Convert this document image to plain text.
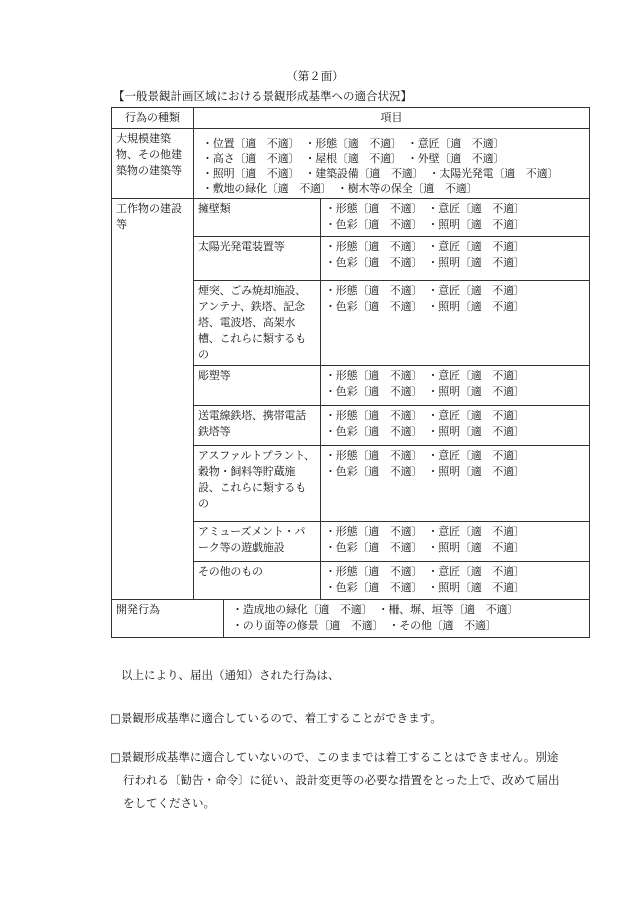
（第２面）
【一般景観計画区域における景観形成基準への適合状況】
行為の種類	項目		
大規模建築物、その他建築物の建築等	・位置〔適　不適〕　・形態〔適　不適〕　・意匠〔適　不適〕
・高さ〔適　不適〕　・屋根〔適　不適〕　・外壁〔適　不適〕
・照明〔適　不適〕　・建築設備〔適　不適〕　・太陽光発電〔適　不適〕
・敷地の緑化〔適　不適〕　・樹木等の保全〔適　不適〕		

工作物の建設等	擁壁類		・形態〔適　不適〕　・意匠〔適　不適〕
・色彩〔適　不適〕　・照明〔適　不適〕

	太陽光発電装置等		・形態〔適　不適〕　・意匠〔適　不適〕
・色彩〔適　不適〕　・照明〔適　不適〕

	煙突、ごみ焼却施設、アンテナ、鉄塔、記念塔、電波塔、高架水槽、これらに類するもの		・形態〔適　不適〕　・意匠〔適　不適〕
・色彩〔適　不適〕　・照明〔適　不適〕

	彫塑等		・形態〔適　不適〕　・意匠〔適　不適〕
・色彩〔適　不適〕　・照明〔適　不適〕

	送電線鉄塔、携帯電話鉄塔等		・形態〔適　不適〕　・意匠〔適　不適〕
・色彩〔適　不適〕　・照明〔適　不適〕

	アスファルトプラント、穀物・飼料等貯蔵施設、これらに類するもの		・形態〔適　不適〕　・意匠〔適　不適〕
・色彩〔適　不適〕　・照明〔適　不適〕

	アミューズメント・パーク等の遊戯施設		・形態〔適　不適〕　・意匠〔適　不適〕
・色彩〔適　不適〕　・照明〔適　不適〕

	その他のもの		・形態〔適　不適〕　・意匠〔適　不適〕
・色彩〔適　不適〕　・照明〔適　不適〕

開発行為		・造成地の緑化〔適　不適〕　・柵、塀、垣等〔適　不適〕
・のり面等の修景〔適　不適〕　・その他〔適　不適〕	
以上により、届出（通知）された行為は、
□景観形成基準に適合しているので、着工することができます。
□景観形成基準に適合していないので、このままでは着工することはできません。別途
行われる〔勧告・命令〕に従い、設計変更等の必要な措置をとった上で、改めて届出
をしてください。
